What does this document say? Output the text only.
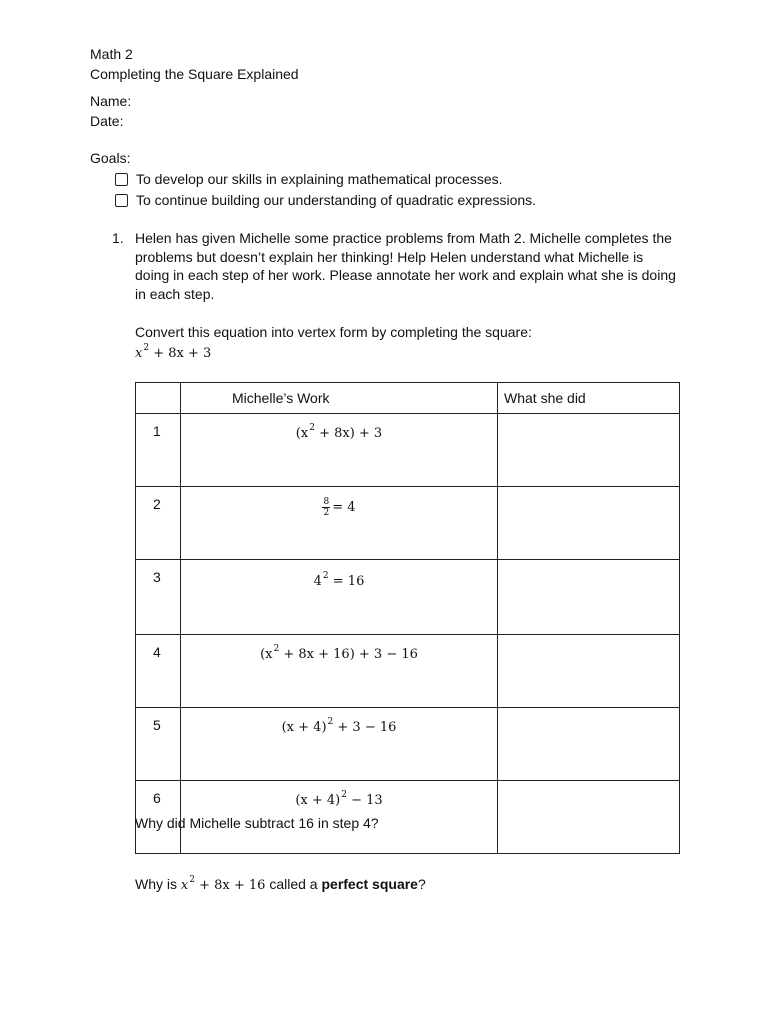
Math 2
Completing the Square Explained
Name:
Date:
Goals:
To develop our skills in explaining mathematical processes.
To continue building our understanding of quadratic expressions.
1. Helen has given Michelle some practice problems from Math 2. Michelle completes the problems but doesn’t explain her thinking! Help Helen understand what Michelle is doing in each step of her work. Please annotate her work and explain what she is doing in each step.
Convert this equation into vertex form by completing the square:
$x^2 + 8x + 3$
	Michelle’s Work	What she did
1	$(x^2 + 8x) + 3$	
2	$\frac{8}{2} = 4$	
3	$4^2 = 16$	
4	$(x^2 + 8x + 16) + 3 - 16$	
5	$(x + 4)^2 + 3 - 16$	
6	$(x + 4)^2 - 13$	
Why did Michelle subtract 16 in step 4?
Why is $x^2 + 8x + 16$ called a perfect square?
